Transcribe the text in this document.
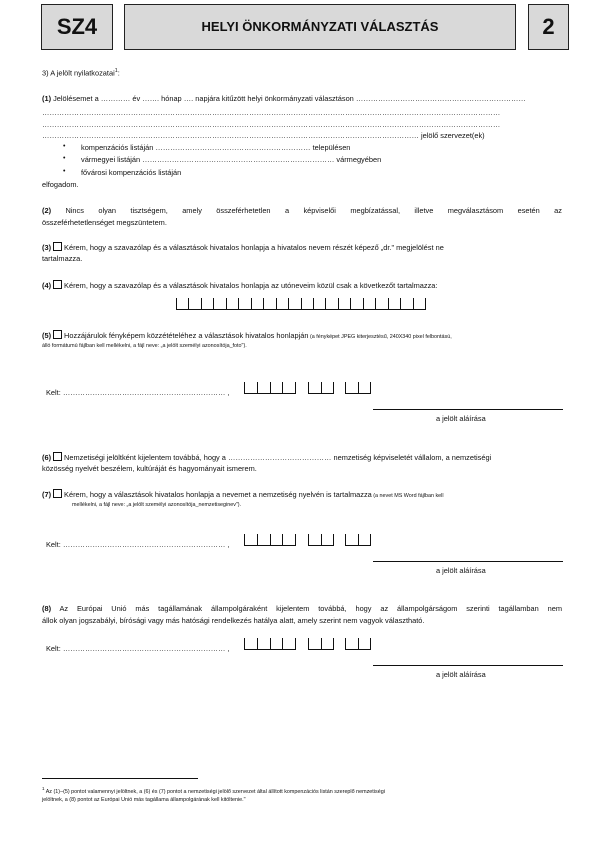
SZ4	HELYI ÖNKORMÁNYZATI VÁLASZTÁS	2
3) A jelölt nyilatkozatai$^1$:
(1) Jelölésemet a ………… év ……. hónap …. napjára kitűzött helyi önkormányzati választáson ……………………………………………………………
……………………………………………………………………………………………………………………………………………………………………
……………………………………………………………………………………………………………………………………………………………………
……………………………………………………………………………………………………………………………………… jelölő szervezet(ek)
• kompenzációs listáján ……………………………………………………… településen
• vármegyei listáján …………………………………………………………………… vármegyében
• fővárosi kompenzációs listáján
elfogadom.
(2) Nincs olyan tisztségem, amely összeférhetetlen a képviselői megbízatással, illetve megválasztásom esetén az
összeférhetetlenséget megszüntetem.
(3) Kérem, hogy a szavazólap és a választások hivatalos honlapja a hivatalos nevem részét képező „dr." megjelölést ne
tartalmazza.
(4) Kérem, hogy a szavazólap és a választások hivatalos honlapja az utóneveim közül csak a következőt tartalmazza:
(5) Hozzájárulok fényképem közzétételéhez a választások hivatalos honlapján (a fényképet JPEG kiterjesztésű, 240X340 pixel felbontású,
álló formátumú fájlban kell mellékelni, a fájl neve: „a jelölt személyi azonosítója_foto").
Kelt: ………………………………………………………… ,
a jelölt aláírása
(6) Nemzetiségi jelöltként kijelentem továbbá, hogy a …………………………………… nemzetiség képviseletét vállalom, a nemzetiségi
közösség nyelvét beszélem, kultúráját és hagyományait ismerem.
(7) Kérem, hogy a választások hivatalos honlapja a nevemet a nemzetiség nyelvén is tartalmazza (a nevet MS Word fájlban kell
mellékelni, a fájl neve: „a jelölt személyi azonosítója_nemzetiseginev").
Kelt: ………………………………………………………… ,
a jelölt aláírása
(8) Az Európai Unió más tagállamának állampolgáraként kijelentem továbbá, hogy az állampolgárságom szerinti tagállamban nem
állok olyan jogszabályi, bírósági vagy más hatósági rendelkezés hatálya alatt, amely szerint nem vagyok választható.
Kelt: ………………………………………………………… ,
a jelölt aláírása
$^1$ Az (1)–(5) pontot valamennyi jelöltnek, a (6) és (7) pontot a nemzetiségi jelölő szervezet által állított kompenzációs listán szereplő nemzetiségi
jelöltnek, a (8) pontot az Európai Unió más tagállama állampolgárának kell kitöltenie."
